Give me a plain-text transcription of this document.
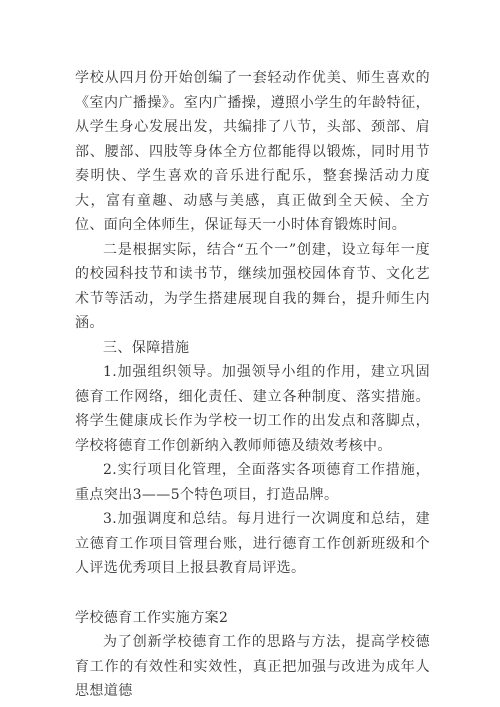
学校从四月份开始创编了一套轻动作优美、师生喜欢的《室内广播操》。室内广播操，遵照小学生的年龄特征，从学生身心发展出发，共编排了八节，头部、颈部、肩部、腰部、四肢等身体全方位都能得以锻炼，同时用节奏明快、学生喜欢的音乐进行配乐，整套操活动力度大，富有童趣、动感与美感，真正做到全天候、全方位、面向全体师生，保证每天一小时体育锻炼时间。

二是根据实际，结合“五个一”创建，设立每年一度的校园科技节和读书节，继续加强校园体育节、文化艺术节等活动，为学生搭建展现自我的舞台，提升师生内涵。

三、保障措施

1.加强组织领导。加强领导小组的作用，建立巩固德育工作网络，细化责任、建立各种制度、落实措施。将学生健康成长作为学校一切工作的出发点和落脚点，学校将德育工作创新纳入教师师德及绩效考核中。

2.实行项目化管理，全面落实各项德育工作措施，重点突出3——5个特色项目，打造品牌。

3.加强调度和总结。每月进行一次调度和总结，建立德育工作项目管理台账，进行德育工作创新班级和个人评选优秀项目上报县教育局评选。

学校德育工作实施方案2

为了创新学校德育工作的思路与方法，提高学校德育工作的有效性和实效性，真正把加强与改进为成年人思想道德
